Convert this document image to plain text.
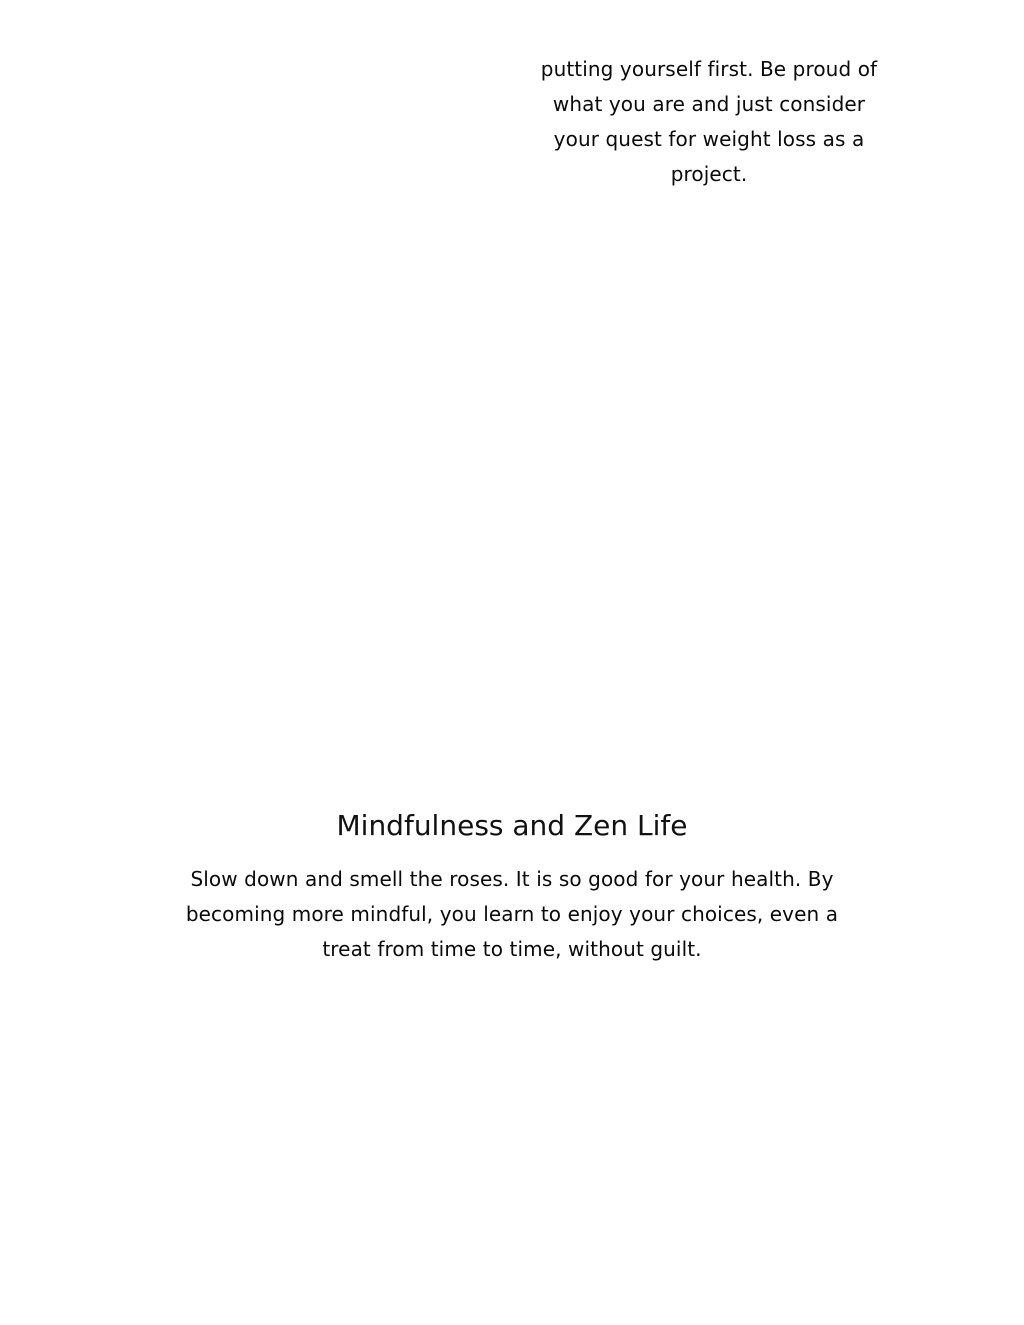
putting yourself first. Be proud of
what you are and just consider
your quest for weight loss as a
project.

Mindfulness and Zen Life

Slow down and smell the roses. It is so good for your health. By becoming more mindful, you learn to enjoy your choices, even a treat from time to time, without guilt.
